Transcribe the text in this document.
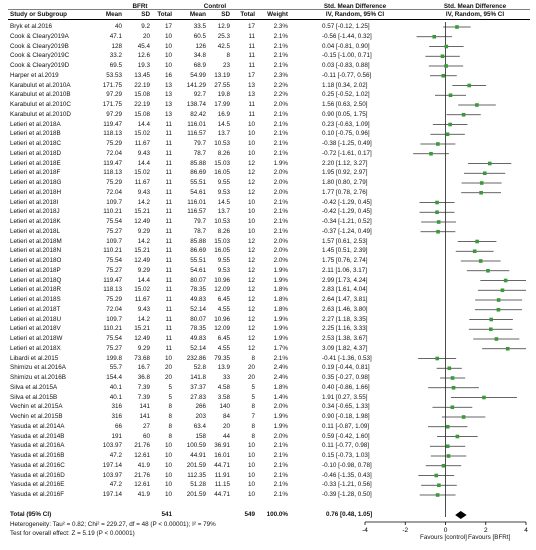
BFRt	Control	Std. Mean Difference	Std. Mean Difference
Study or Subgroup	Mean	SD	Total	Mean	SD	Total	Weight	IV, Random, 95% CI	IV, Random, 95% CI
Bryk et al.2016	40	9.2	17	33.5	12.9	17	2.3%	0.57 [-0.12, 1.25]
Cook & Cleary2019A	47.1	20	10	60.5	25.3	11	2.1%	-0.56 [-1.44, 0.32]
Cook & Cleary2019B	128	45.4	10	126	42.5	11	2.1%	0.04 [-0.81, 0.90]
Cook & Cleary2019C	33.2	12.6	10	34.8	8	11	2.1%	-0.15 [-1.00, 0.71]
Cook & Cleary2019D	69.5	19.3	10	68.9	23	11	2.1%	0.03 [-0.83, 0.88]
Harper et al.2019	53.53	13.45	16	54.99	13.19	17	2.3%	-0.11 [-0.77, 0.56]
Karabulut et al.2010A	171.75	22.19	13	141.29	27.55	13	2.2%	1.18 [0.34, 2.02]
Karabulut et al.2010B	97.29	15.08	13	92.7	19.8	13	2.2%	0.25 [-0.52, 1.02]
Karabulut et al.2010C	171.75	22.19	13	138.74	17.99	11	2.0%	1.56 [0.63, 2.50]
Karabulut et al.2010D	97.29	15.08	13	82.42	16.9	11	2.1%	0.90 [0.05, 1.75]
Letieri et al.2018A	119.47	14.4	11	116.01	14.5	10	2.1%	0.23 [-0.63, 1.09]
Letieri et al.2018B	118.13	15.02	11	116.57	13.7	10	2.1%	0.10 [-0.75, 0.96]
Letieri et al.2018C	75.29	11.67	11	79.7	10.53	10	2.1%	-0.38 [-1.25, 0.49]
Letieri et al.2018D	72.04	9.43	11	78.7	8.26	10	2.1%	-0.72 [-1.61, 0.17]
Letieri et al.2018E	119.47	14.4	11	85.88	15.03	12	1.9%	2.20 [1.12, 3.27]
Letieri et al.2018F	118.13	15.02	11	86.69	16.05	12	2.0%	1.95 [0.92, 2.97]
Letieri et al.2018G	75.29	11.67	11	55.51	9.55	12	2.0%	1.80 [0.80, 2.79]
Letieri et al.2018H	72.04	9.43	11	54.61	9.53	12	2.0%	1.77 [0.78, 2.76]
Letieri et al.2018I	109.7	14.2	11	116.01	14.5	10	2.1%	-0.42 [-1.29, 0.45]
Letieri et al.2018J	110.21	15.21	11	116.57	13.7	10	2.1%	-0.42 [-1.29, 0.45]
Letieri et al.2018K	75.54	12.49	11	79.7	10.53	10	2.1%	-0.34 [-1.21, 0.52]
Letieri et al.2018L	75.27	9.29	11	78.7	8.26	10	2.1%	-0.37 [-1.24, 0.49]
Letieri et al.2018M	109.7	14.2	11	85.88	15.03	12	2.0%	1.57 [0.61, 2.53]
Letieri et al.2018N	110.21	15.21	11	86.69	16.05	12	2.0%	1.45 [0.51, 2.39]
Letieri et al.2018O	75.54	12.49	11	55.51	9.55	12	2.0%	1.75 [0.76, 2.74]
Letieri et al.2018P	75.27	9.29	11	54.61	9.53	12	1.9%	2.11 [1.06, 3.17]
Letieri et al.2018Q	119.47	14.4	11	80.07	10.96	12	1.9%	2.99 [1.73, 4.24]
Letieri et al.2018R	118.13	15.02	11	78.35	12.09	12	1.8%	2.83 [1.61, 4.04]
Letieri et al.2018S	75.29	11.67	11	49.83	6.45	12	1.8%	2.64 [1.47, 3.81]
Letieri et al.2018T	72.04	9.43	11	52.14	4.55	12	1.8%	2.63 [1.46, 3.80]
Letieri et al.2018U	109.7	14.2	11	80.07	10.96	12	1.9%	2.27 [1.18, 3.35]
Letieri et al.2018V	110.21	15.21	11	78.35	12.09	12	1.9%	2.25 [1.16, 3.33]
Letieri et al.2018W	75.54	12.49	11	49.83	6.45	12	1.9%	2.53 [1.38, 3.67]
Letieri et al.2018X	75.27	9.29	11	52.14	4.55	12	1.7%	3.09 [1.82, 4.37]
Libardi et al.2015	199.8	73.68	10	232.86	79.35	8	2.1%	-0.41 [-1.36, 0.53]
Shimizu et al.2016A	55.7	16.7	20	52.8	13.9	20	2.4%	0.19 [-0.44, 0.81]
Shimizu et al.2016B	154.4	36.8	20	141.8	33	20	2.4%	0.35 [-0.27, 0.98]
Silva et al.2015A	40.1	7.39	5	37.37	4.58	5	1.8%	0.40 [-0.86, 1.66]
Silva et al.2015B	40.1	7.39	5	27.83	3.58	5	1.4%	1.91 [0.27, 3.55]
Vechin et al.2015A	316	141	8	266	140	8	2.0%	0.34 [-0.65, 1.33]
Vechin et al.2015B	316	141	8	203	84	7	1.9%	0.90 [-0.18, 1.98]
Yasuda et al.2014A	66	27	8	63.4	20	8	1.9%	0.11 [-0.87, 1.09]
Yasuda et al.2014B	191	60	8	158	44	8	2.0%	0.59 [-0.42, 1.60]
Yasuda et al.2016A	103.97	21.76	10	100.59	36.91	10	2.1%	0.11 [-0.77, 0.98]
Yasuda et al.2016B	47.2	12.61	10	44.91	16.01	10	2.1%	0.15 [-0.73, 1.03]
Yasuda et al.2016C	197.14	41.9	10	201.59	44.71	10	2.1%	-0.10 [-0.98, 0.78]
Yasuda et al.2016D	103.97	21.76	10	112.35	11.91	10	2.1%	-0.46 [-1.35, 0.43]
Yasuda et al.2016E	47.2	12.61	10	51.28	11.15	10	2.1%	-0.33 [-1.21, 0.56]
Yasuda et al.2016F	197.14	41.9	10	201.59	44.71	10	2.1%	-0.39 [-1.28, 0.50]
Total (95% CI)	541	549	100.0%	0.76 [0.48, 1.05]
Heterogeneity: Tau² = 0.82; Chi² = 229.27, df = 48 (P < 0.00001); I² = 79%
Test for overall effect: Z = 5.19 (P < 0.00001)
Favours [control] Favours [BFRt]
-4	-2	0	2	4
